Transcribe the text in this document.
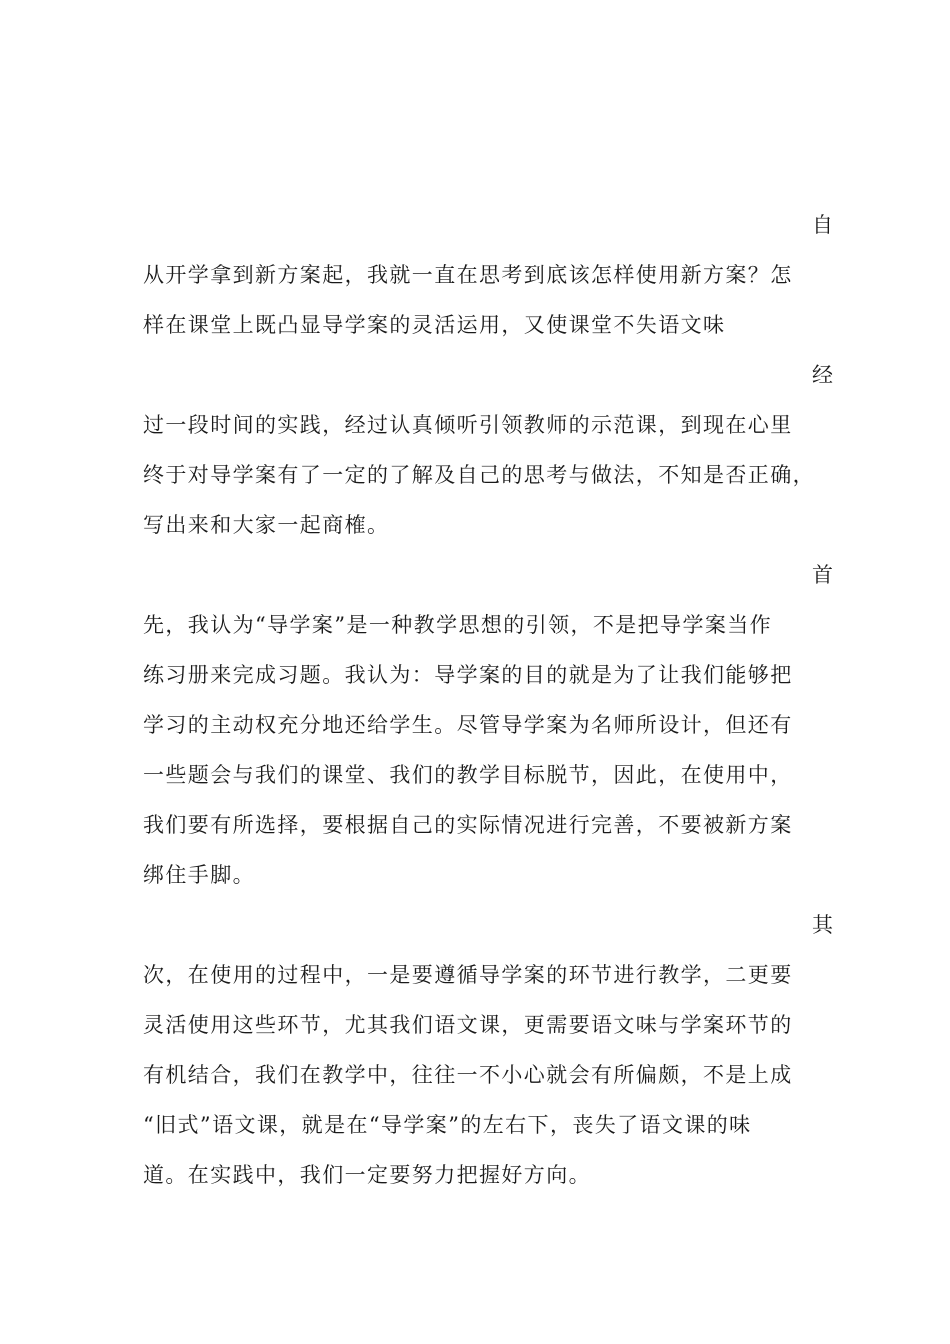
自
从开学拿到新方案起，我就一直在思考到底该怎样使用新方案？怎
样在课堂上既凸显导学案的灵活运用，又使课堂不失语文味
经
过一段时间的实践，经过认真倾听引领教师的示范课，到现在心里
终于对导学案有了一定的了解及自己的思考与做法，不知是否正确，
写出来和大家一起商榷。
首
先，我认为“导学案”是一种教学思想的引领，不是把导学案当作
练习册来完成习题。我认为：导学案的目的就是为了让我们能够把
学习的主动权充分地还给学生。尽管导学案为名师所设计，但还有
一些题会与我们的课堂、我们的教学目标脱节，因此，在使用中，
我们要有所选择，要根据自己的实际情况进行完善，不要被新方案
绑住手脚。
其
次，在使用的过程中，一是要遵循导学案的环节进行教学，二更要
灵活使用这些环节，尤其我们语文课，更需要语文味与学案环节的
有机结合，我们在教学中，往往一不小心就会有所偏颇，不是上成
“旧式”语文课，就是在“导学案”的左右下，丧失了语文课的味
道。在实践中，我们一定要努力把握好方向。
